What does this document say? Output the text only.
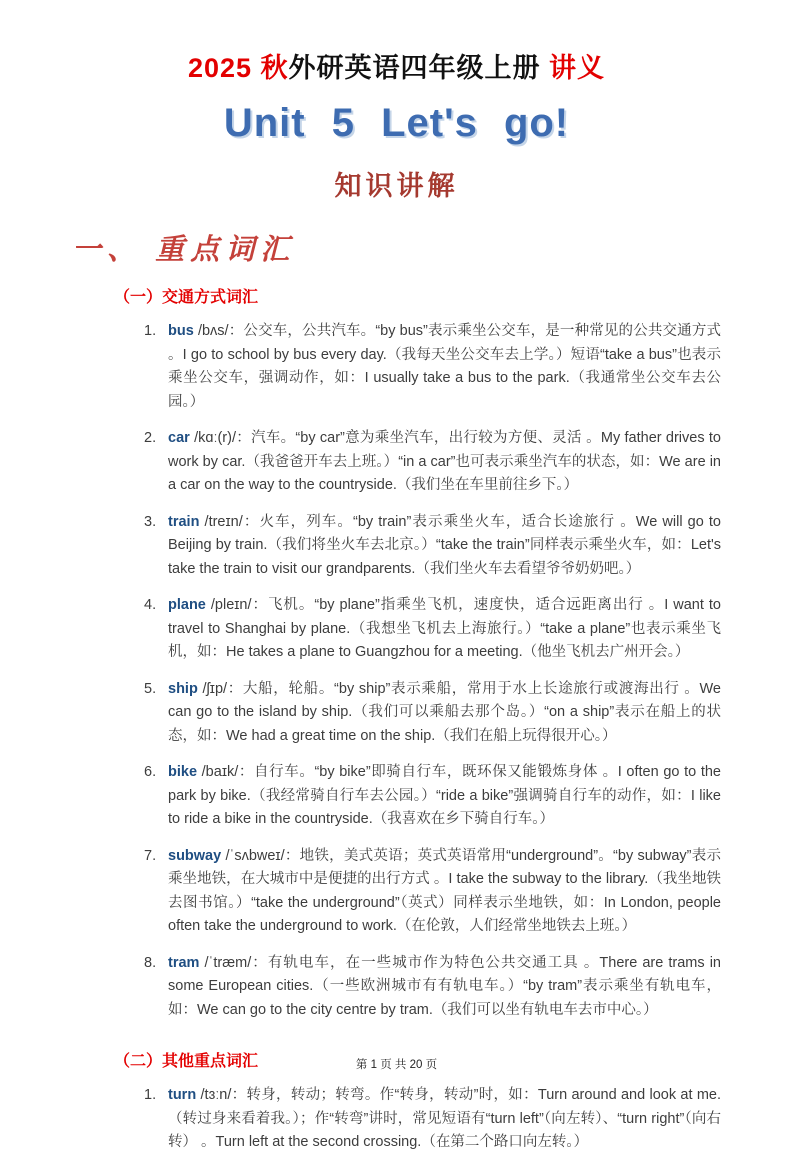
2025 秋外研英语四年级上册 讲义
Unit 5 Let's go!
知识讲解
一、 重点词汇
（一）交通方式词汇
1. bus /bʌs/：公交车，公共汽车。“by bus”表示乘坐公交车，是一种常见的公共交通方式 。I go to school by bus every day.（我每天坐公交车去上学。）短语“take a bus”也表示乘坐公交车，强调动作，如：I usually take a bus to the park.（我通常坐公交车去公园。）

2. car /kɑː(r)/：汽车。“by car”意为乘坐汽车，出行较为方便、灵活 。My father drives to work by car.（我爸爸开车去上班。）“in a car”也可表示乘坐汽车的状态，如：We are in a car on the way to the countryside.（我们坐在车里前往乡下。）

3. train /treɪn/：火车，列车。“by train”表示乘坐火车，适合长途旅行 。We will go to Beijing by train.（我们将坐火车去北京。）“take the train”同样表示乘坐火车，如：Let's take the train to visit our grandparents.（我们坐火车去看望爷爷奶奶吧。）

4. plane /pleɪn/：飞机。“by plane”指乘坐飞机，速度快，适合远距离出行 。I want to travel to Shanghai by plane.（我想坐飞机去上海旅行。）“take a plane”也表示乘坐飞机，如：He takes a plane to Guangzhou for a meeting.（他坐飞机去广州开会。）

5. ship /ʃɪp/：大船，轮船。“by ship”表示乘船，常用于水上长途旅行或渡海出行 。We can go to the island by ship.（我们可以乘船去那个岛。）“on a ship”表示在船上的状态，如：We had a great time on the ship.（我们在船上玩得很开心。）

6. bike /baɪk/：自行车。“by bike”即骑自行车，既环保又能锻炼身体 。I often go to the park by bike.（我经常骑自行车去公园。）“ride a bike”强调骑自行车的动作，如：I like to ride a bike in the countryside.（我喜欢在乡下骑自行车。）

7. subway /ˈsʌbweɪ/：地铁，美式英语；英式英语常用“underground”。“by subway”表示乘坐地铁，在大城市中是便捷的出行方式 。I take the subway to the library.（我坐地铁去图书馆。）“take the underground”（英式）同样表示坐地铁，如：In London, people often take the underground to work.（在伦敦，人们经常坐地铁去上班。）

8. tram /ˈtræm/：有轨电车，在一些城市作为特色公共交通工具 。There are trams in some European cities.（一些欧洲城市有有轨电车。）“by tram”表示乘坐有轨电车，如：We can go to the city centre by tram.（我们可以坐有轨电车去市中心。）

（二）其他重点词汇
1. turn /tɜːn/：转身，转动；转弯。作“转身，转动”时，如：Turn around and look at me.（转过身来看着我。）；作“转弯”讲时，常见短语有“turn left”（向左转）、“turn right”（向右转） 。Turn left at the second crossing.（在第二个路口向左转。）

第 1 页 共 20 页
